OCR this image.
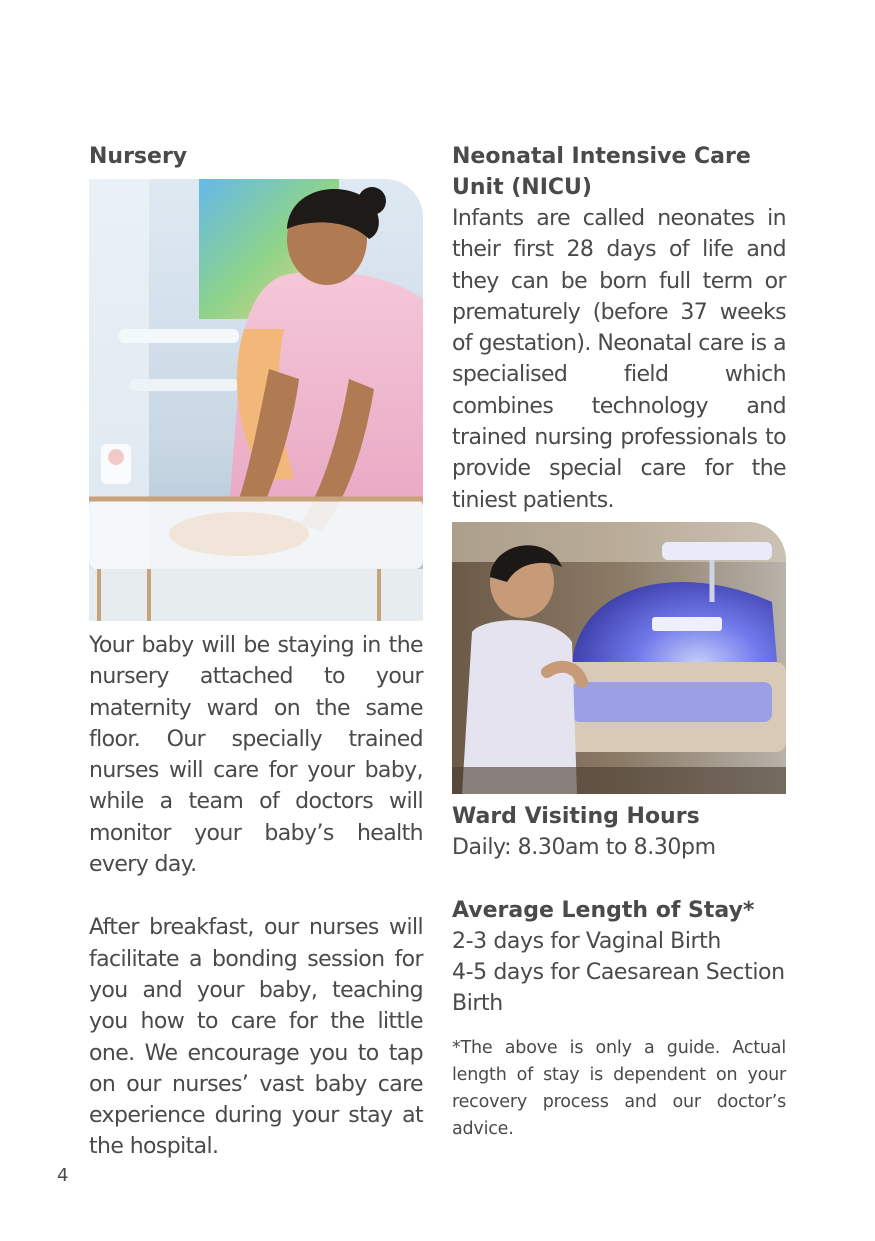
Nursery

Your baby will be staying in the nursery attached to your maternity ward on the same floor. Our specially trained nurses will care for your baby, while a team of doctors will monitor your baby’s health every day.

After breakfast, our nurses will facilitate a bonding session for you and your baby, teaching you how to care for the little one. We encourage you to tap on our nurses’ vast baby care experience during your stay at the hospital.

Neonatal Intensive Care
Unit (NICU)

Infants are called neonates in their first 28 days of life and they can be born full term or prematurely (before 37 weeks of gestation). Neonatal care is a specialised field which combines technology and trained nursing professionals to provide special care for the tiniest patients.

Ward Visiting Hours

Daily: 8.30am to 8.30pm

Average Length of Stay*

2-3 days for Vaginal Birth

4-5 days for Caesarean Section

Birth

*The above is only a guide. Actual length of stay is dependent on your recovery process and our doctor’s advice.

4
